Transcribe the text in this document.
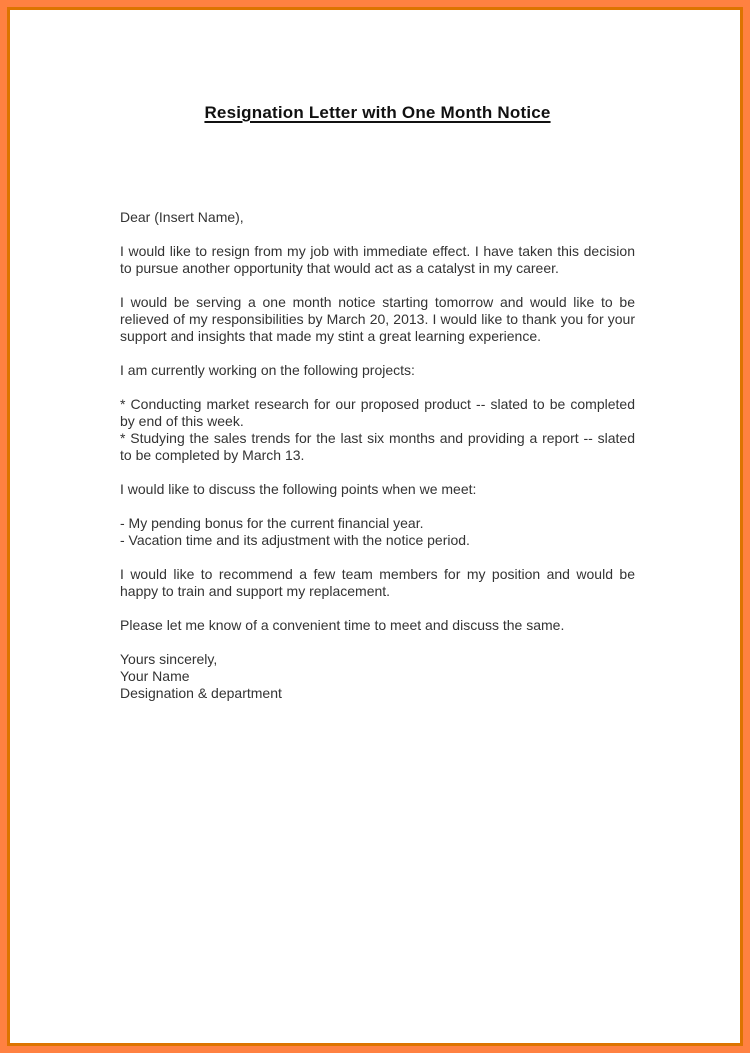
Resignation Letter with One Month Notice

Dear (Insert Name),

I would like to resign from my job with immediate effect. I have taken this decision to pursue another opportunity that would act as a catalyst in my career.

I would be serving a one month notice starting tomorrow and would like to be relieved of my responsibilities by March 20, 2013. I would like to thank you for your support and insights that made my stint a great learning experience.

I am currently working on the following projects:

* Conducting market research for our proposed product -- slated to be completed by end of this week.
* Studying the sales trends for the last six months and providing a report -- slated to be completed by March 13.

I would like to discuss the following points when we meet:

- My pending bonus for the current financial year.
- Vacation time and its adjustment with the notice period.

I would like to recommend a few team members for my position and would be happy to train and support my replacement.

Please let me know of a convenient time to meet and discuss the same.

Yours sincerely,
Your Name
Designation & department
